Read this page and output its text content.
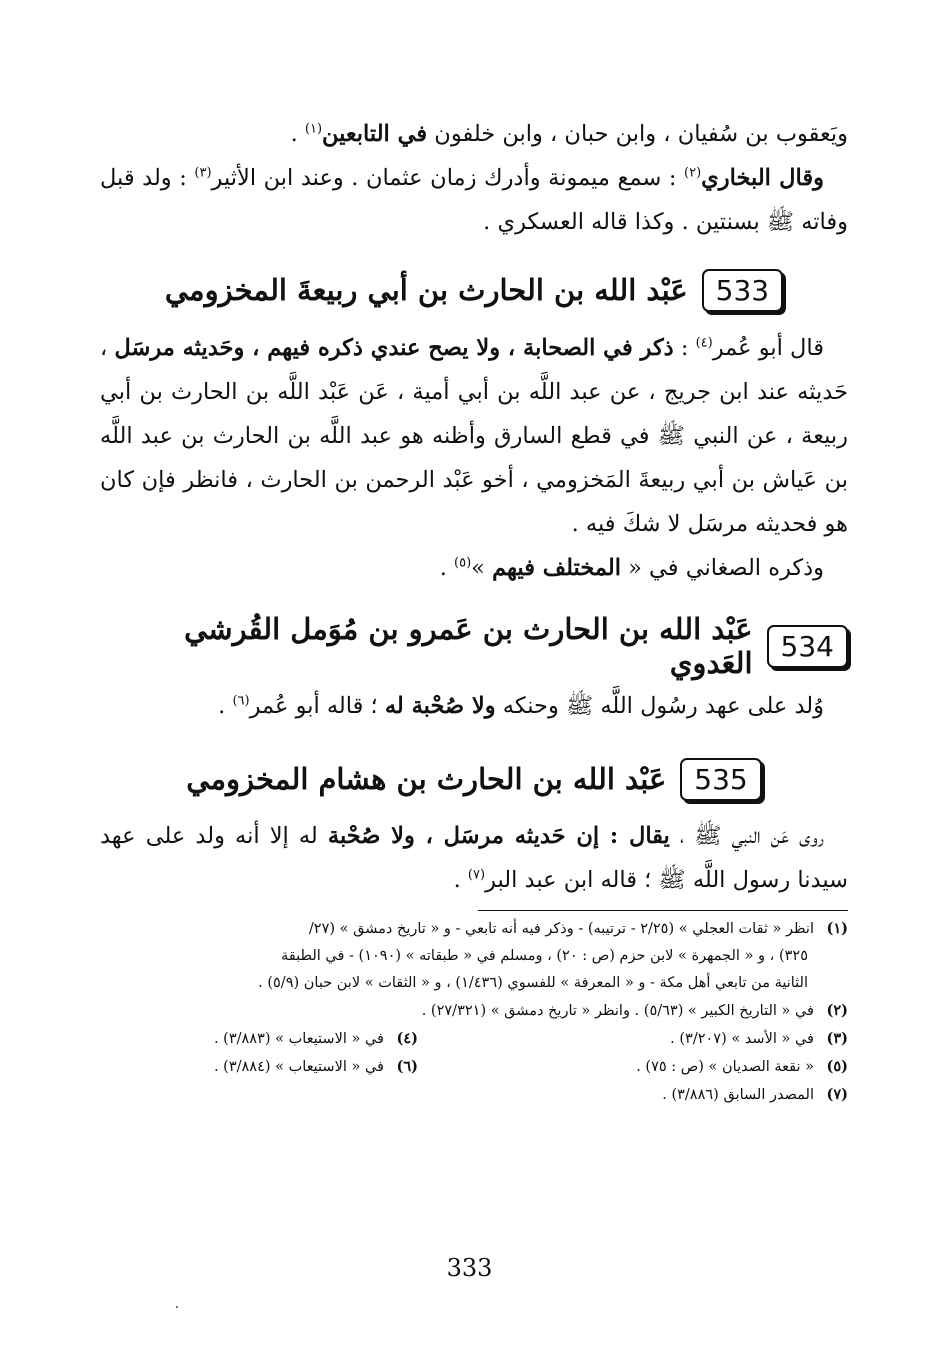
ويَعقوب بن سُفيان ، وابن حبان ، وابن خلفون في التابعين$^{(١)}$ .

وقال البخاري$^{(٢)}$ : سمع ميمونة وأدرك زمان عثمان . وعند ابن الأثير$^{(٣)}$ : ولد قبل وفاته ﷺ بسنتين . وكذا قاله العسكري .

533
عَبْد الله بن الحارث بن أبي ربيعةَ المخزومي

قال أبو عُمر$^{(٤)}$ : ذكر في الصحابة ، ولا يصح عندي ذكره فيهم ، وحَديثه مرسَل ، حَديثه عند ابن جريج ، عن عبد اللَّه بن أبي أمية ، عَن عَبْد اللَّه بن الحارث بن أبي ربيعة ، عن النبي ﷺ في قطع السارق وأظنه هو عبد اللَّه بن الحارث بن عبد اللَّه بن عَياش بن أبي ربيعةَ المَخزومي ، أخو عَبْد الرحمن بن الحارث ، فانظر فإن كان هو فحديثه مرسَل لا شكَ فيه .

وذكره الصغاني في « المختلف فيهم »$^{(٥)}$ .

534
عَبْد الله بن الحارث بن عَمرو بن مُوَمل القُرشي العَدوي

وُلد على عهد رسُول اللَّه ﷺ وحنكه ولا صُحْبة له ؛ قاله أبو عُمر$^{(٦)}$ .

535
عَبْد الله بن الحارث بن هشام المخزومي

روى عَن النبي ﷺ ، يقال : إن حَديثه مرسَل ، ولا صُحْبة له إلا أنه ولد على عهد سيدنا رسول اللَّه ﷺ ؛ قاله ابن عبد البر$^{(٧)}$ .

(١)انظر « ثقات العجلي » (٢/٢٥ - ترتيبه) - وذكر فيه أنه تابعي - و « تاريخ دمشق » (٢٧/

٣٢٥) ، و « الجمهرة » لابن حزم (ص : ٢٠) ، ومسلم في « طبقاته » (١٠٩٠) - في الطبقة

الثانية من تابعي أهل مكة - و « المعرفة » للفسوي (١/٤٣٦) ، و « الثقات » لابن حبان (٥/٩) .

(٢)في « التاريخ الكبير » (٥/٦٣) . وانظر « تاريخ دمشق » (٢٧/٣٢١) .

(٣)في « الأسد » (٣/٢٠٧) .

(٤)في « الاستيعاب » (٣/٨٨٣) .

(٥)« نقعة الصديان » (ص : ٧٥) .

(٦)في « الاستيعاب » (٣/٨٨٤) .

(٧)المصدر السابق (٣/٨٨٦) .

333
